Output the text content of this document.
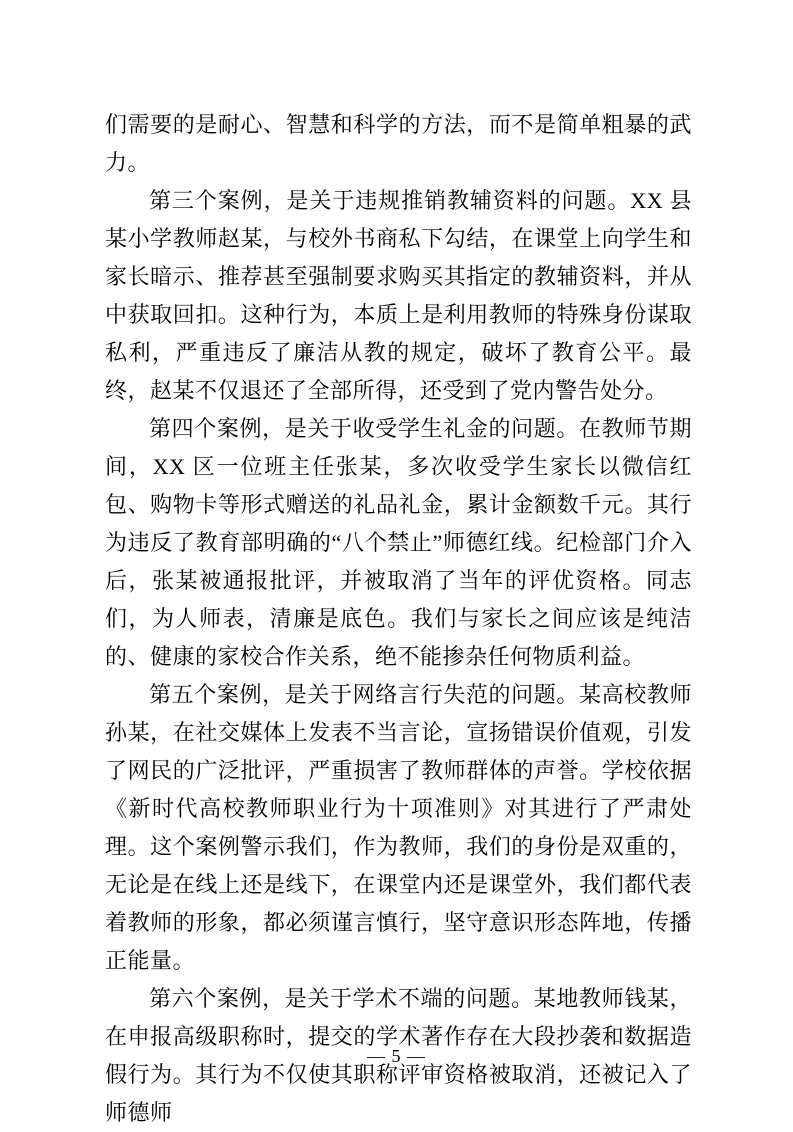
们需要的是耐心、智慧和科学的方法，而不是简单粗暴的武力。

第三个案例，是关于违规推销教辅资料的问题。XX 县某小学教师赵某，与校外书商私下勾结，在课堂上向学生和家长暗示、推荐甚至强制要求购买其指定的教辅资料，并从中获取回扣。这种行为，本质上是利用教师的特殊身份谋取私利，严重违反了廉洁从教的规定，破坏了教育公平。最终，赵某不仅退还了全部所得，还受到了党内警告处分。

第四个案例，是关于收受学生礼金的问题。在教师节期间，XX 区一位班主任张某，多次收受学生家长以微信红包、购物卡等形式赠送的礼品礼金，累计金额数千元。其行为违反了教育部明确的“八个禁止”师德红线。纪检部门介入后，张某被通报批评，并被取消了当年的评优资格。同志们，为人师表，清廉是底色。我们与家长之间应该是纯洁的、健康的家校合作关系，绝不能掺杂任何物质利益。

第五个案例，是关于网络言行失范的问题。某高校教师孙某，在社交媒体上发表不当言论，宣扬错误价值观，引发了网民的广泛批评，严重损害了教师群体的声誉。学校依据《新时代高校教师职业行为十项准则》对其进行了严肃处理。这个案例警示我们，作为教师，我们的身份是双重的，无论是在线上还是线下，在课堂内还是课堂外，我们都代表着教师的形象，都必须谨言慎行，坚守意识形态阵地，传播正能量。

第六个案例，是关于学术不端的问题。某地教师钱某，在申报高级职称时，提交的学术著作存在大段抄袭和数据造假行为。其行为不仅使其职称评审资格被取消，还被记入了师德师

— 5 —
